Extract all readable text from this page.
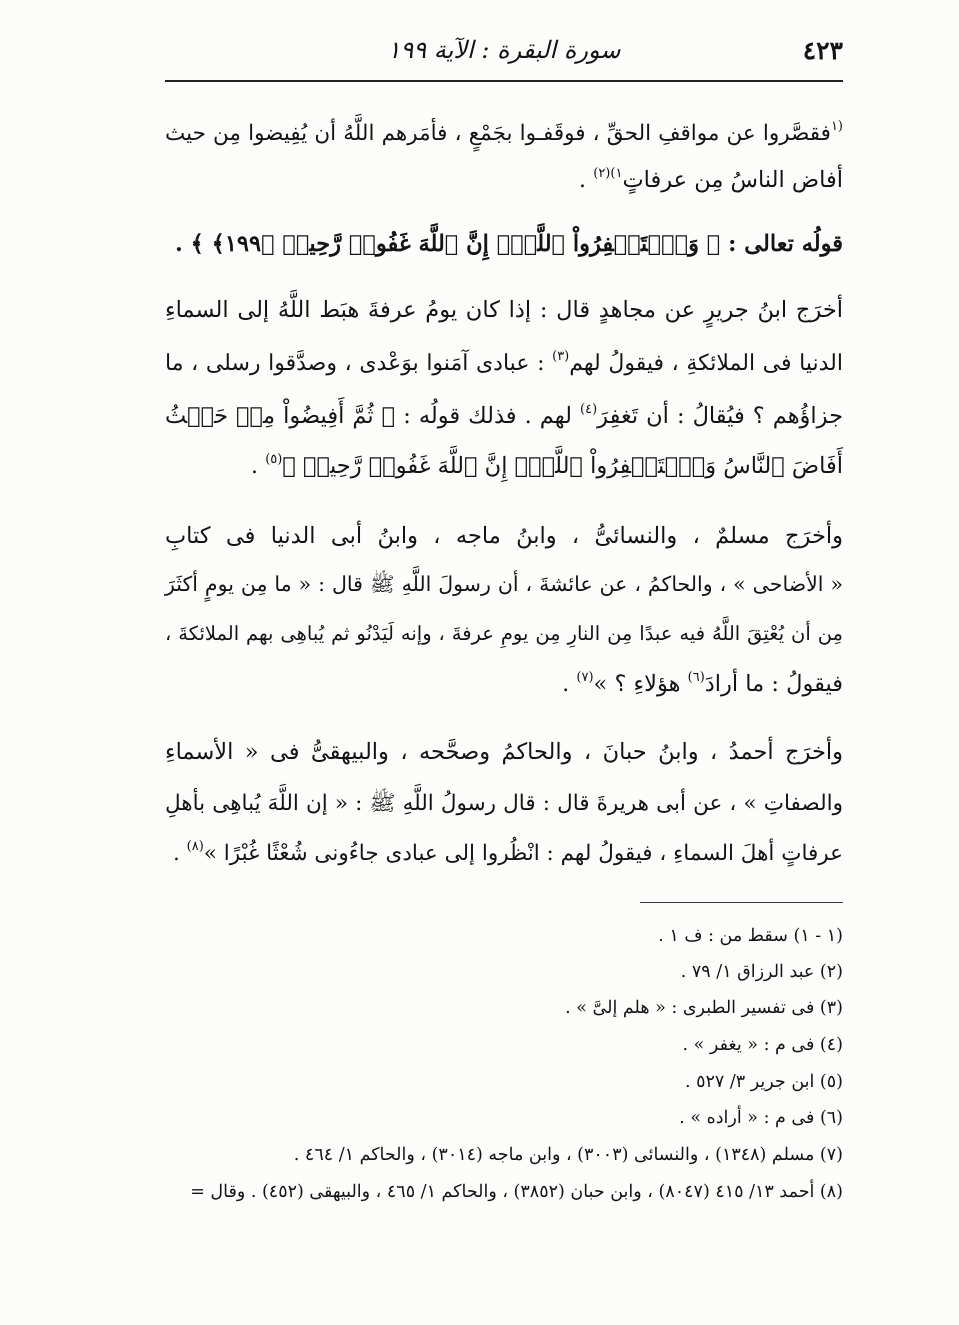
٤٢٣
سورة البقرة : الآية ١٩٩
$^{(١}$فقصَّروا عن مواقفِ الحقِّ ، فوقَفـوا بجَمْعٍ ، فأمَرهم اللَّهُ أن يُفِيضوا مِن حيث
أفاض الناسُ مِن عرفاتٍ$^{١)(٢)}$ .
قولُه تعالى : ﴿ وَٱسۡتَغۡفِرُواْ ٱللَّهَۚ إِنَّ ٱللَّهَ غَفُورٞ رَّحِيمٞ ﴿١٩٩﴾ ﴾ .
أخرَج ابنُ جريرٍ عن مجاهدٍ قال : إذا كان يومُ عرفةَ هبَط اللَّهُ إلى السماءِ
الدنيا فى الملائكةِ ، فيقولُ لهم$^{(٣)}$ : عبادى آمَنوا بوَعْدى ، وصدَّقوا رسلى ، ما
جزاؤُهم ؟ فيُقالُ : أن تَغفِرَ$^{(٤)}$ لهم . فذلك قولُه : ﴿ ثُمَّ أَفِيضُواْ مِنۡ حَيۡثُ
أَفَاضَ ٱلنَّاسُ وَٱسۡتَغۡفِرُواْ ٱللَّهَۚ إِنَّ ٱللَّهَ غَفُورٞ رَّحِيمٞ ﴾$^{(٥)}$ .
وأخرَج مسلمٌ ، والنسائىُّ ، وابنُ ماجه ، وابنُ أبى الدنيا فى كتابِ
« الأضاحى » ، والحاكمُ ، عن عائشةَ ، أن رسولَ اللَّهِ ﷺ قال : « ما مِن يومٍ أكثَرَ
مِن أن يُعْتِقَ اللَّهُ فيه عبدًا مِن النارِ مِن يومِ عرفةَ ، وإنه لَيَدْنُو ثم يُباهِى بهم الملائكةَ ،
فيقولُ : ما أرادَ$^{(٦)}$ هؤلاءِ ؟ »$^{(٧)}$ .
وأخرَج أحمدُ ، وابنُ حبانَ ، والحاكمُ وصحَّحه ، والبيهقىُّ فى « الأسماءِ
والصفاتِ » ، عن أبى هريرةَ قال : قال رسولُ اللَّهِ ﷺ : « إن اللَّهَ يُباهِى بأهلِ
عرفاتٍ أهلَ السماءِ ، فيقولُ لهم : انْظُروا إلى عبادى جاءُونى شُعْثًا غُبْرًا »$^{(٨)}$ .
(١ - ١) سقط من : ف ١ .
(٢) عبد الرزاق ١/ ٧٩ .
(٣) فى تفسير الطبرى : « هلم إلىَّ » .
(٤) فى م : « يغفر » .
(٥) ابن جرير ٣/ ٥٢٧ .
(٦) فى م : « أراده » .
(٧) مسلم (١٣٤٨) ، والنسائى (٣٠٠٣) ، وابن ماجه (٣٠١٤) ، والحاكم ١/ ٤٦٤ .
(٨) أحمد ١٣/ ٤١٥ (٨٠٤٧) ، وابن حبان (٣٨٥٢) ، والحاكم ١/ ٤٦٥ ، والبيهقى (٤٥٢) . وقال =
